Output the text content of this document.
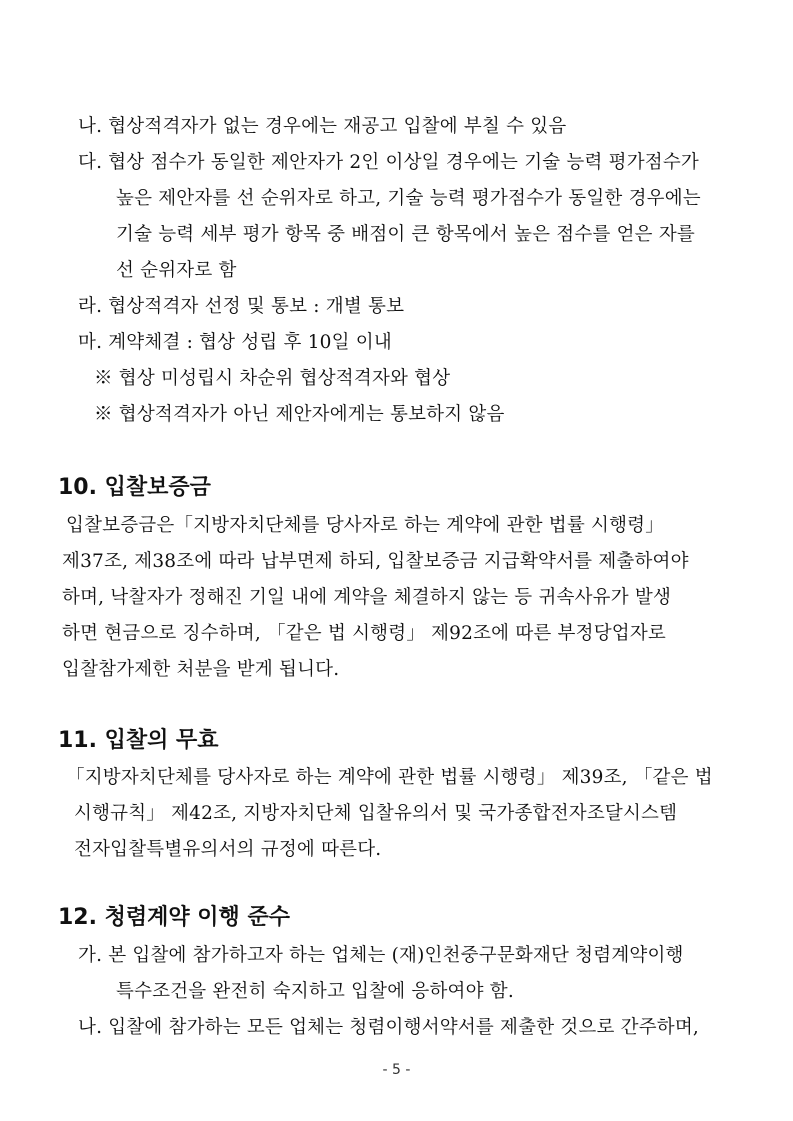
나. 협상적격자가 없는 경우에는 재공고 입찰에 부칠 수 있음
다. 협상 점수가 동일한 제안자가 2인 이상일 경우에는 기술 능력 평가점수가
높은 제안자를 선 순위자로 하고, 기술 능력 평가점수가 동일한 경우에는
기술 능력 세부 평가 항목 중 배점이 큰 항목에서 높은 점수를 얻은 자를
선 순위자로 함
라. 협상적격자 선정 및 통보 : 개별 통보
마. 계약체결 : 협상 성립 후 10일 이내
※ 협상 미성립시 차순위 협상적격자와 협상
※ 협상적격자가 아닌 제안자에게는 통보하지 않음
10. 입찰보증금
입찰보증금은「지방자치단체를 당사자로 하는 계약에 관한 법률 시행령」
제37조, 제38조에 따라 납부면제 하되, 입찰보증금 지급확약서를 제출하여야
하며, 낙찰자가 정해진 기일 내에 계약을 체결하지 않는 등 귀속사유가 발생
하면 현금으로 징수하며, 「같은 법 시행령」 제92조에 따른 부정당업자로
입찰참가제한 처분을 받게 됩니다.
11. 입찰의 무효
「지방자치단체를 당사자로 하는 계약에 관한 법률 시행령」 제39조, 「같은 법
시행규칙」 제42조, 지방자치단체 입찰유의서 및 국가종합전자조달시스템
전자입찰특별유의서의 규정에 따른다.
12. 청렴계약 이행 준수
가. 본 입찰에 참가하고자 하는 업체는 (재)인천중구문화재단 청렴계약이행
특수조건을 완전히 숙지하고 입찰에 응하여야 함.
나. 입찰에 참가하는 모든 업체는 청렴이행서약서를 제출한 것으로 간주하며,
- 5 -
